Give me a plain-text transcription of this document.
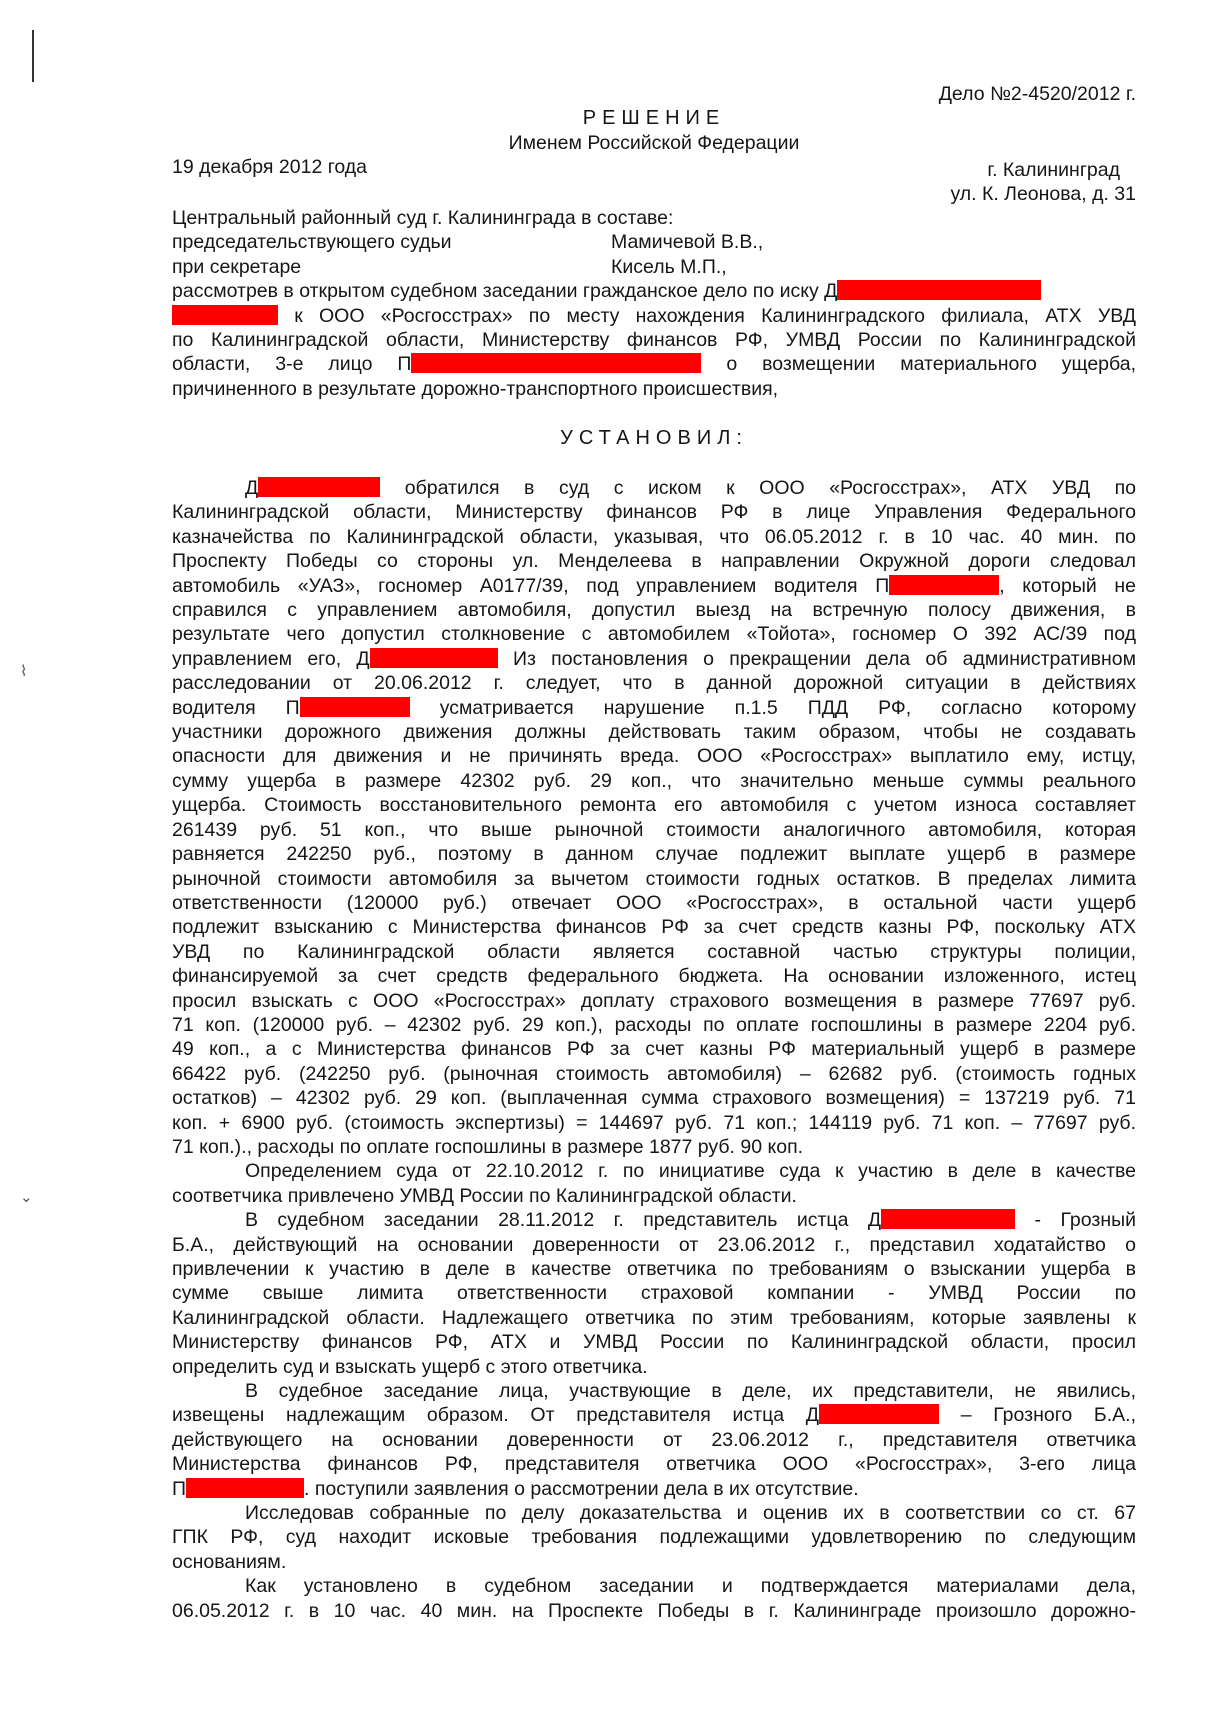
⌇
⌄
Дело №2-4520/2012 г.
РЕШЕНИЕ
Именем Российской Федерации
19 декабря 2012 года	г. Калининград
ул. К. Леонова, д. 31
Центральный районный суд г. Калининграда в составе:
председательствующего судьи	Мамичевой В.В.,
при секретаре	Кисель М.П.,
рассмотрев в открытом судебном заседании гражданское дело по иску Д
к ООО «Росгосстрах» по месту нахождения Калининградского филиала, АТХ УВД
по Калининградской области, Министерству финансов РФ, УМВД России по Калининградской
области, 3-е лицо П	о возмещении материального ущерба,
причиненного в результате дорожно-транспортного происшествия,
УСТАНОВИЛ:
Д	обратился в суд с иском к ООО «Росгосстрах», АТХ УВД по
Калининградской области, Министерству финансов РФ в лице Управления Федерального
казначейства по Калининградской области, указывая, что 06.05.2012 г. в 10 час. 40 мин. по
Проспекту Победы со стороны ул. Менделеева в направлении Окружной дороги следовал
автомобиль «УАЗ», госномер А0177/39, под управлением водителя П	, который не
справился с управлением автомобиля, допустил выезд на встречную полосу движения, в
результате чего допустил столкновение с автомобилем «Тойота», госномер О 392 АС/39 под
управлением его, Д	Из постановления о прекращении дела об административном
расследовании от 20.06.2012 г. следует, что в данной дорожной ситуации в действиях
водителя П	усматривается нарушение п.1.5 ПДД РФ, согласно которому
участники дорожного движения должны действовать таким образом, чтобы не создавать
опасности для движения и не причинять вреда. ООО «Росгосстрах» выплатило ему, истцу,
сумму ущерба в размере 42302 руб. 29 коп., что значительно меньше суммы реального
ущерба. Стоимость восстановительного ремонта его автомобиля с учетом износа составляет
261439 руб. 51 коп., что выше рыночной стоимости аналогичного автомобиля, которая
равняется 242250 руб., поэтому в данном случае подлежит выплате ущерб в размере
рыночной стоимости автомобиля за вычетом стоимости годных остатков. В пределах лимита
ответственности (120000 руб.) отвечает ООО «Росгосстрах», в остальной части ущерб
подлежит взысканию с Министерства финансов РФ за счет средств казны РФ, поскольку АТХ
УВД по Калининградской области является составной частью структуры полиции,
финансируемой за счет средств федерального бюджета. На основании изложенного, истец
просил взыскать с ООО «Росгосстрах» доплату страхового возмещения в размере 77697 руб.
71 коп. (120000 руб. – 42302 руб. 29 коп.), расходы по оплате госпошлины в размере 2204 руб.
49 коп., а с Министерства финансов РФ за счет казны РФ материальный ущерб в размере
66422 руб. (242250 руб. (рыночная стоимость автомобиля) – 62682 руб. (стоимость годных
остатков) – 42302 руб. 29 коп. (выплаченная сумма страхового возмещения) = 137219 руб. 71
коп. + 6900 руб. (стоимость экспертизы) = 144697 руб. 71 коп.; 144119 руб. 71 коп. – 77697 руб.
71 коп.)., расходы по оплате госпошлины в размере 1877 руб. 90 коп.
Определением суда от 22.10.2012 г. по инициативе суда к участию в деле в качестве
соответчика привлечено УМВД России по Калининградской области.
В судебном заседании 28.11.2012 г. представитель истца Д	- Грозный
Б.А., действующий на основании доверенности от 23.06.2012 г., представил ходатайство о
привлечении к участию в деле в качестве ответчика по требованиям о взыскании ущерба в
сумме свыше лимита ответственности страховой компании - УМВД России по
Калининградской области. Надлежащего ответчика по этим требованиям, которые заявлены к
Министерству финансов РФ, АТХ и УМВД России по Калининградской области, просил
определить суд и взыскать ущерб с этого ответчика.
В судебное заседание лица, участвующие в деле, их представители, не явились,
извещены надлежащим образом. От представителя истца Д	– Грозного Б.А.,
действующего на основании доверенности от 23.06.2012 г., представителя ответчика
Министерства финансов РФ, представителя ответчика ООО «Росгосстрах», 3-его лица
П	. поступили заявления о рассмотрении дела в их отсутствие.
Исследовав собранные по делу доказательства и оценив их в соответствии со ст. 67
ГПК РФ, суд находит исковые требования подлежащими удовлетворению по следующим
основаниям.
Как установлено в судебном заседании и подтверждается материалами дела,
06.05.2012 г. в 10 час. 40 мин. на Проспекте Победы в г. Калининграде произошло дорожно-
